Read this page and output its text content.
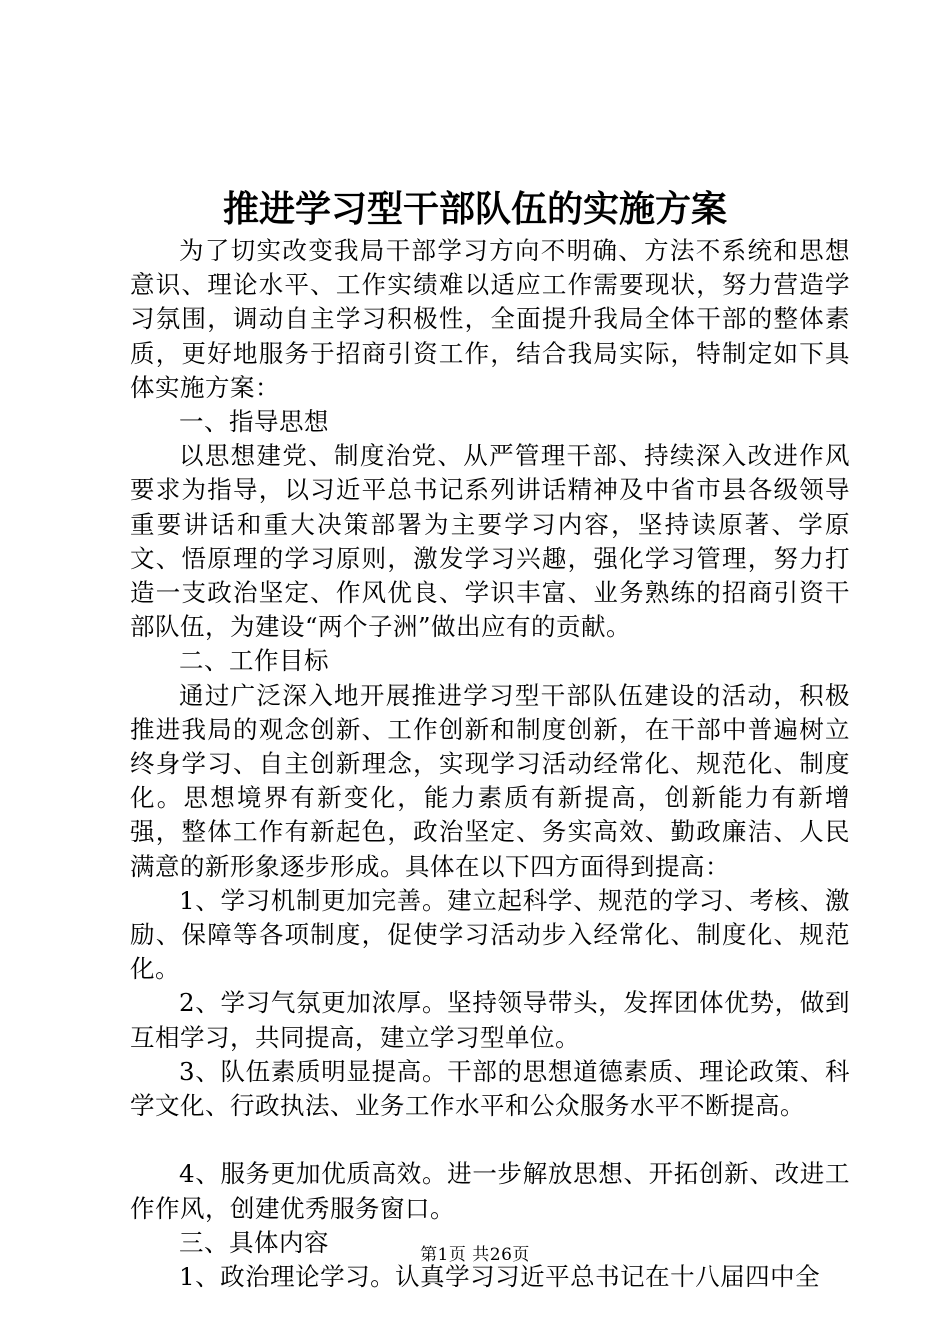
推进学习型干部队伍的实施方案

为了切实改变我局干部学习方向不明确、方法不系统和思想意识、理论水平、工作实绩难以适应工作需要现状，努力营造学习氛围，调动自主学习积极性，全面提升我局全体干部的整体素质，更好地服务于招商引资工作，结合我局实际，特制定如下具体实施方案：

一、指导思想

以思想建党、制度治党、从严管理干部、持续深入改进作风要求为指导，以习近平总书记系列讲话精神及中省市县各级领导重要讲话和重大决策部署为主要学习内容，坚持读原著、学原文、悟原理的学习原则，激发学习兴趣，强化学习管理，努力打造一支政治坚定、作风优良、学识丰富、业务熟练的招商引资干部队伍，为建设“两个子洲”做出应有的贡献。

二、工作目标

通过广泛深入地开展推进学习型干部队伍建设的活动，积极推进我局的观念创新、工作创新和制度创新，在干部中普遍树立终身学习、自主创新理念，实现学习活动经常化、规范化、制度化。思想境界有新变化，能力素质有新提高，创新能力有新增强，整体工作有新起色，政治坚定、务实高效、勤政廉洁、人民满意的新形象逐步形成。具体在以下四方面得到提高：

1、学习机制更加完善。建立起科学、规范的学习、考核、激励、保障等各项制度，促使学习活动步入经常化、制度化、规范化。

2、学习气氛更加浓厚。坚持领导带头，发挥团体优势，做到互相学习，共同提高，建立学习型单位。

3、队伍素质明显提高。干部的思想道德素质、理论政策、科学文化、行政执法、业务工作水平和公众服务水平不断提高。

4、服务更加优质高效。进一步解放思想、开拓创新、改进工作作风，创建优秀服务窗口。

三、具体内容

1、政治理论学习。认真学习习近平总书记在十八届四中全

第1页 共26页
